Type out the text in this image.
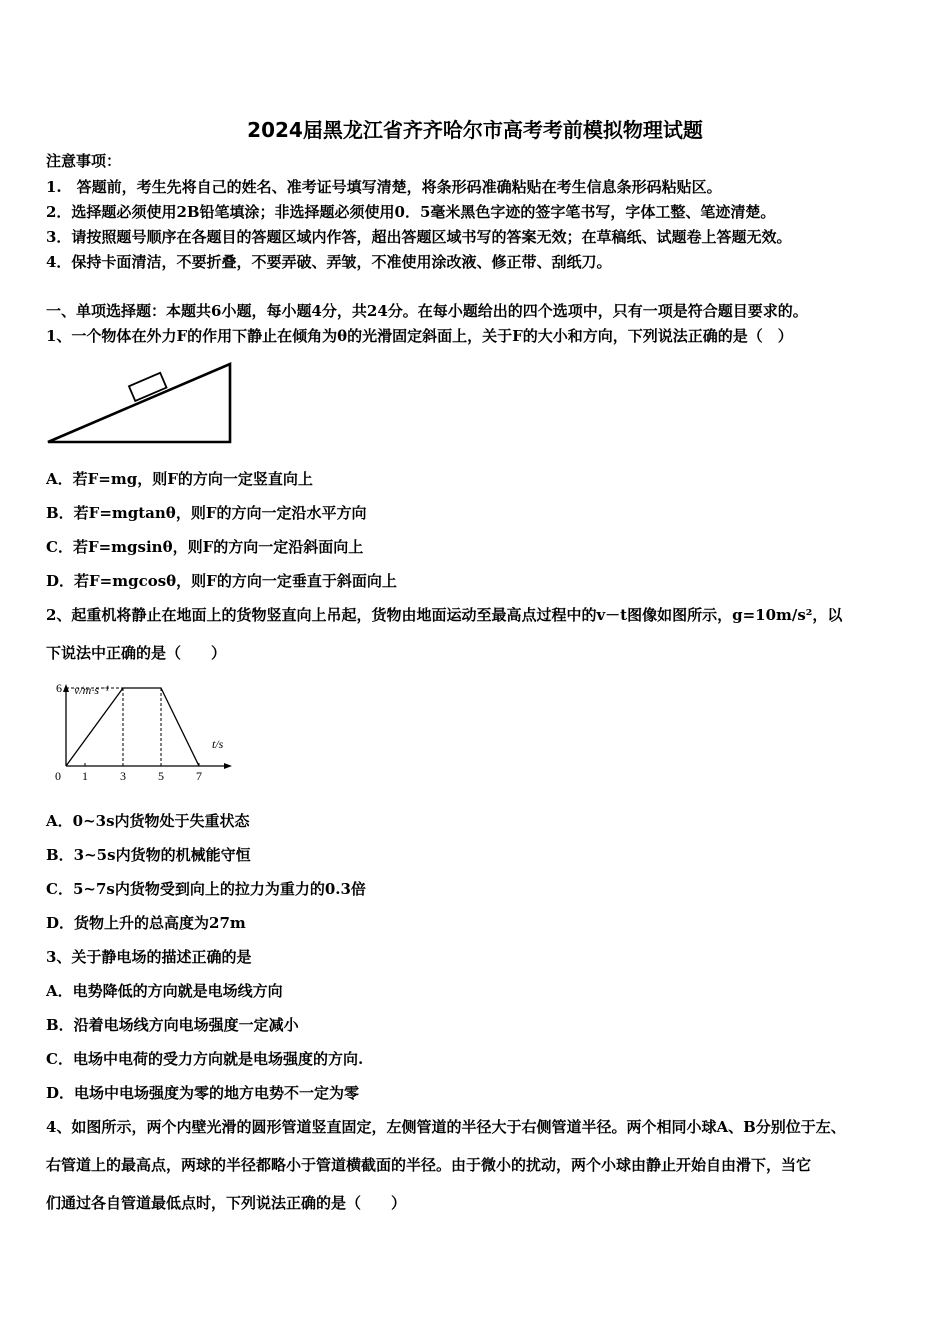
2024届黑龙江省齐齐哈尔市高考考前模拟物理试题
注意事项：
1.　答题前，考生先将自己的姓名、准考证号填写清楚，将条形码准确粘贴在考生信息条形码粘贴区。
2．选择题必须使用2B铅笔填涂；非选择题必须使用0．5毫米黑色字迹的签字笔书写，字体工整、笔迹清楚。
3．请按照题号顺序在各题目的答题区域内作答，超出答题区域书写的答案无效；在草稿纸、试题卷上答题无效。
4．保持卡面清洁，不要折叠，不要弄破、弄皱，不准使用涂改液、修正带、刮纸刀。
一、单项选择题：本题共6小题，每小题4分，共24分。在每小题给出的四个选项中，只有一项是符合题目要求的。
1、一个物体在外力F的作用下静止在倾角为θ的光滑固定斜面上，关于F的大小和方向，下列说法正确的是（　）
A．若F=mg，则F的方向一定竖直向上
B．若F=mgtanθ，则F的方向一定沿水平方向
C．若F=mgsinθ，则F的方向一定沿斜面向上
D．若F=mgcosθ，则F的方向一定垂直于斜面向上
2、起重机将静止在地面上的货物竖直向上吊起，货物由地面运动至最高点过程中的v－t图像如图所示，g=10m/s²，以
下说法中正确的是（　　）
v/m·s⁻¹
t/s
0 1	3	5	7
6
A．0~3s内货物处于失重状态
B．3~5s内货物的机械能守恒
C．5~7s内货物受到向上的拉力为重力的0.3倍
D．货物上升的总高度为27m
3、关于静电场的描述正确的是
A．电势降低的方向就是电场线方向
B．沿着电场线方向电场强度一定减小
C．电场中电荷的受力方向就是电场强度的方向.
D．电场中电场强度为零的地方电势不一定为零
4、如图所示，两个内壁光滑的圆形管道竖直固定，左侧管道的半径大于右侧管道半径。两个相同小球A、B分别位于左、
右管道上的最高点，两球的半径都略小于管道横截面的半径。由于微小的扰动，两个小球由静止开始自由滑下，当它
们通过各自管道最低点时，下列说法正确的是（　　）
